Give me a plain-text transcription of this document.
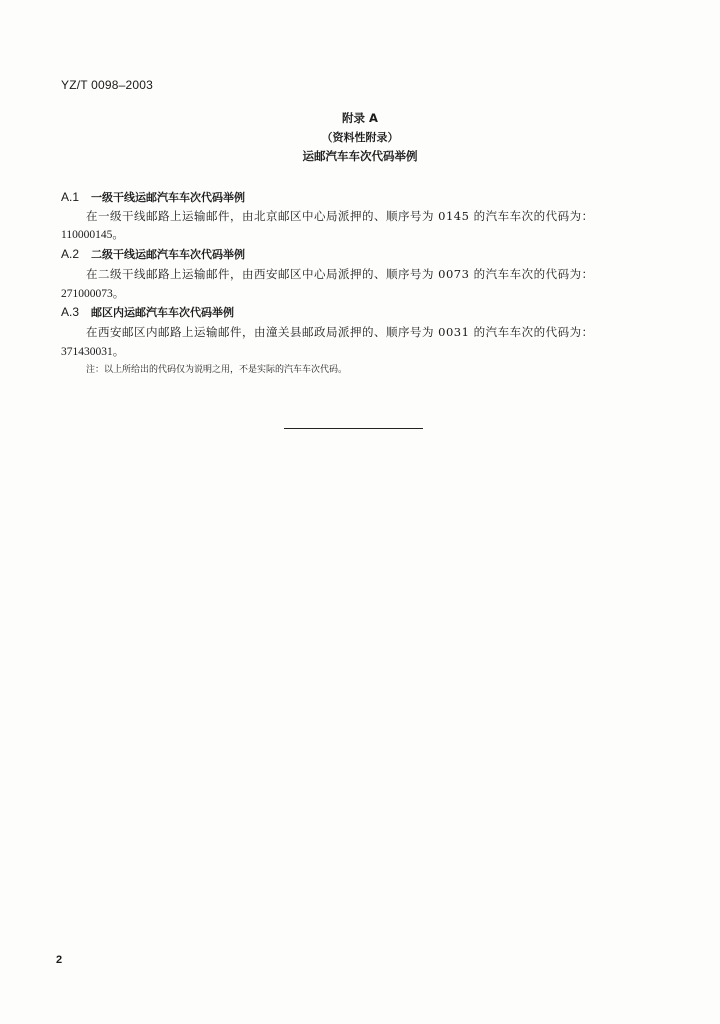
YZ/T 0098–2003
附录 A
（资料性附录）
运邮汽车车次代码举例
A.1 一级干线运邮汽车车次代码举例
在一级干线邮路上运输邮件，由北京邮区中心局派押的、顺序号为 0145 的汽车车次的代码为：
110000145。
A.2 二级干线运邮汽车车次代码举例
在二级干线邮路上运输邮件，由西安邮区中心局派押的、顺序号为 0073 的汽车车次的代码为：
271000073。
A.3 邮区内运邮汽车车次代码举例
在西安邮区内邮路上运输邮件，由潼关县邮政局派押的、顺序号为 0031 的汽车车次的代码为：
371430031。
注：以上所给出的代码仅为说明之用，不是实际的汽车车次代码。
2
